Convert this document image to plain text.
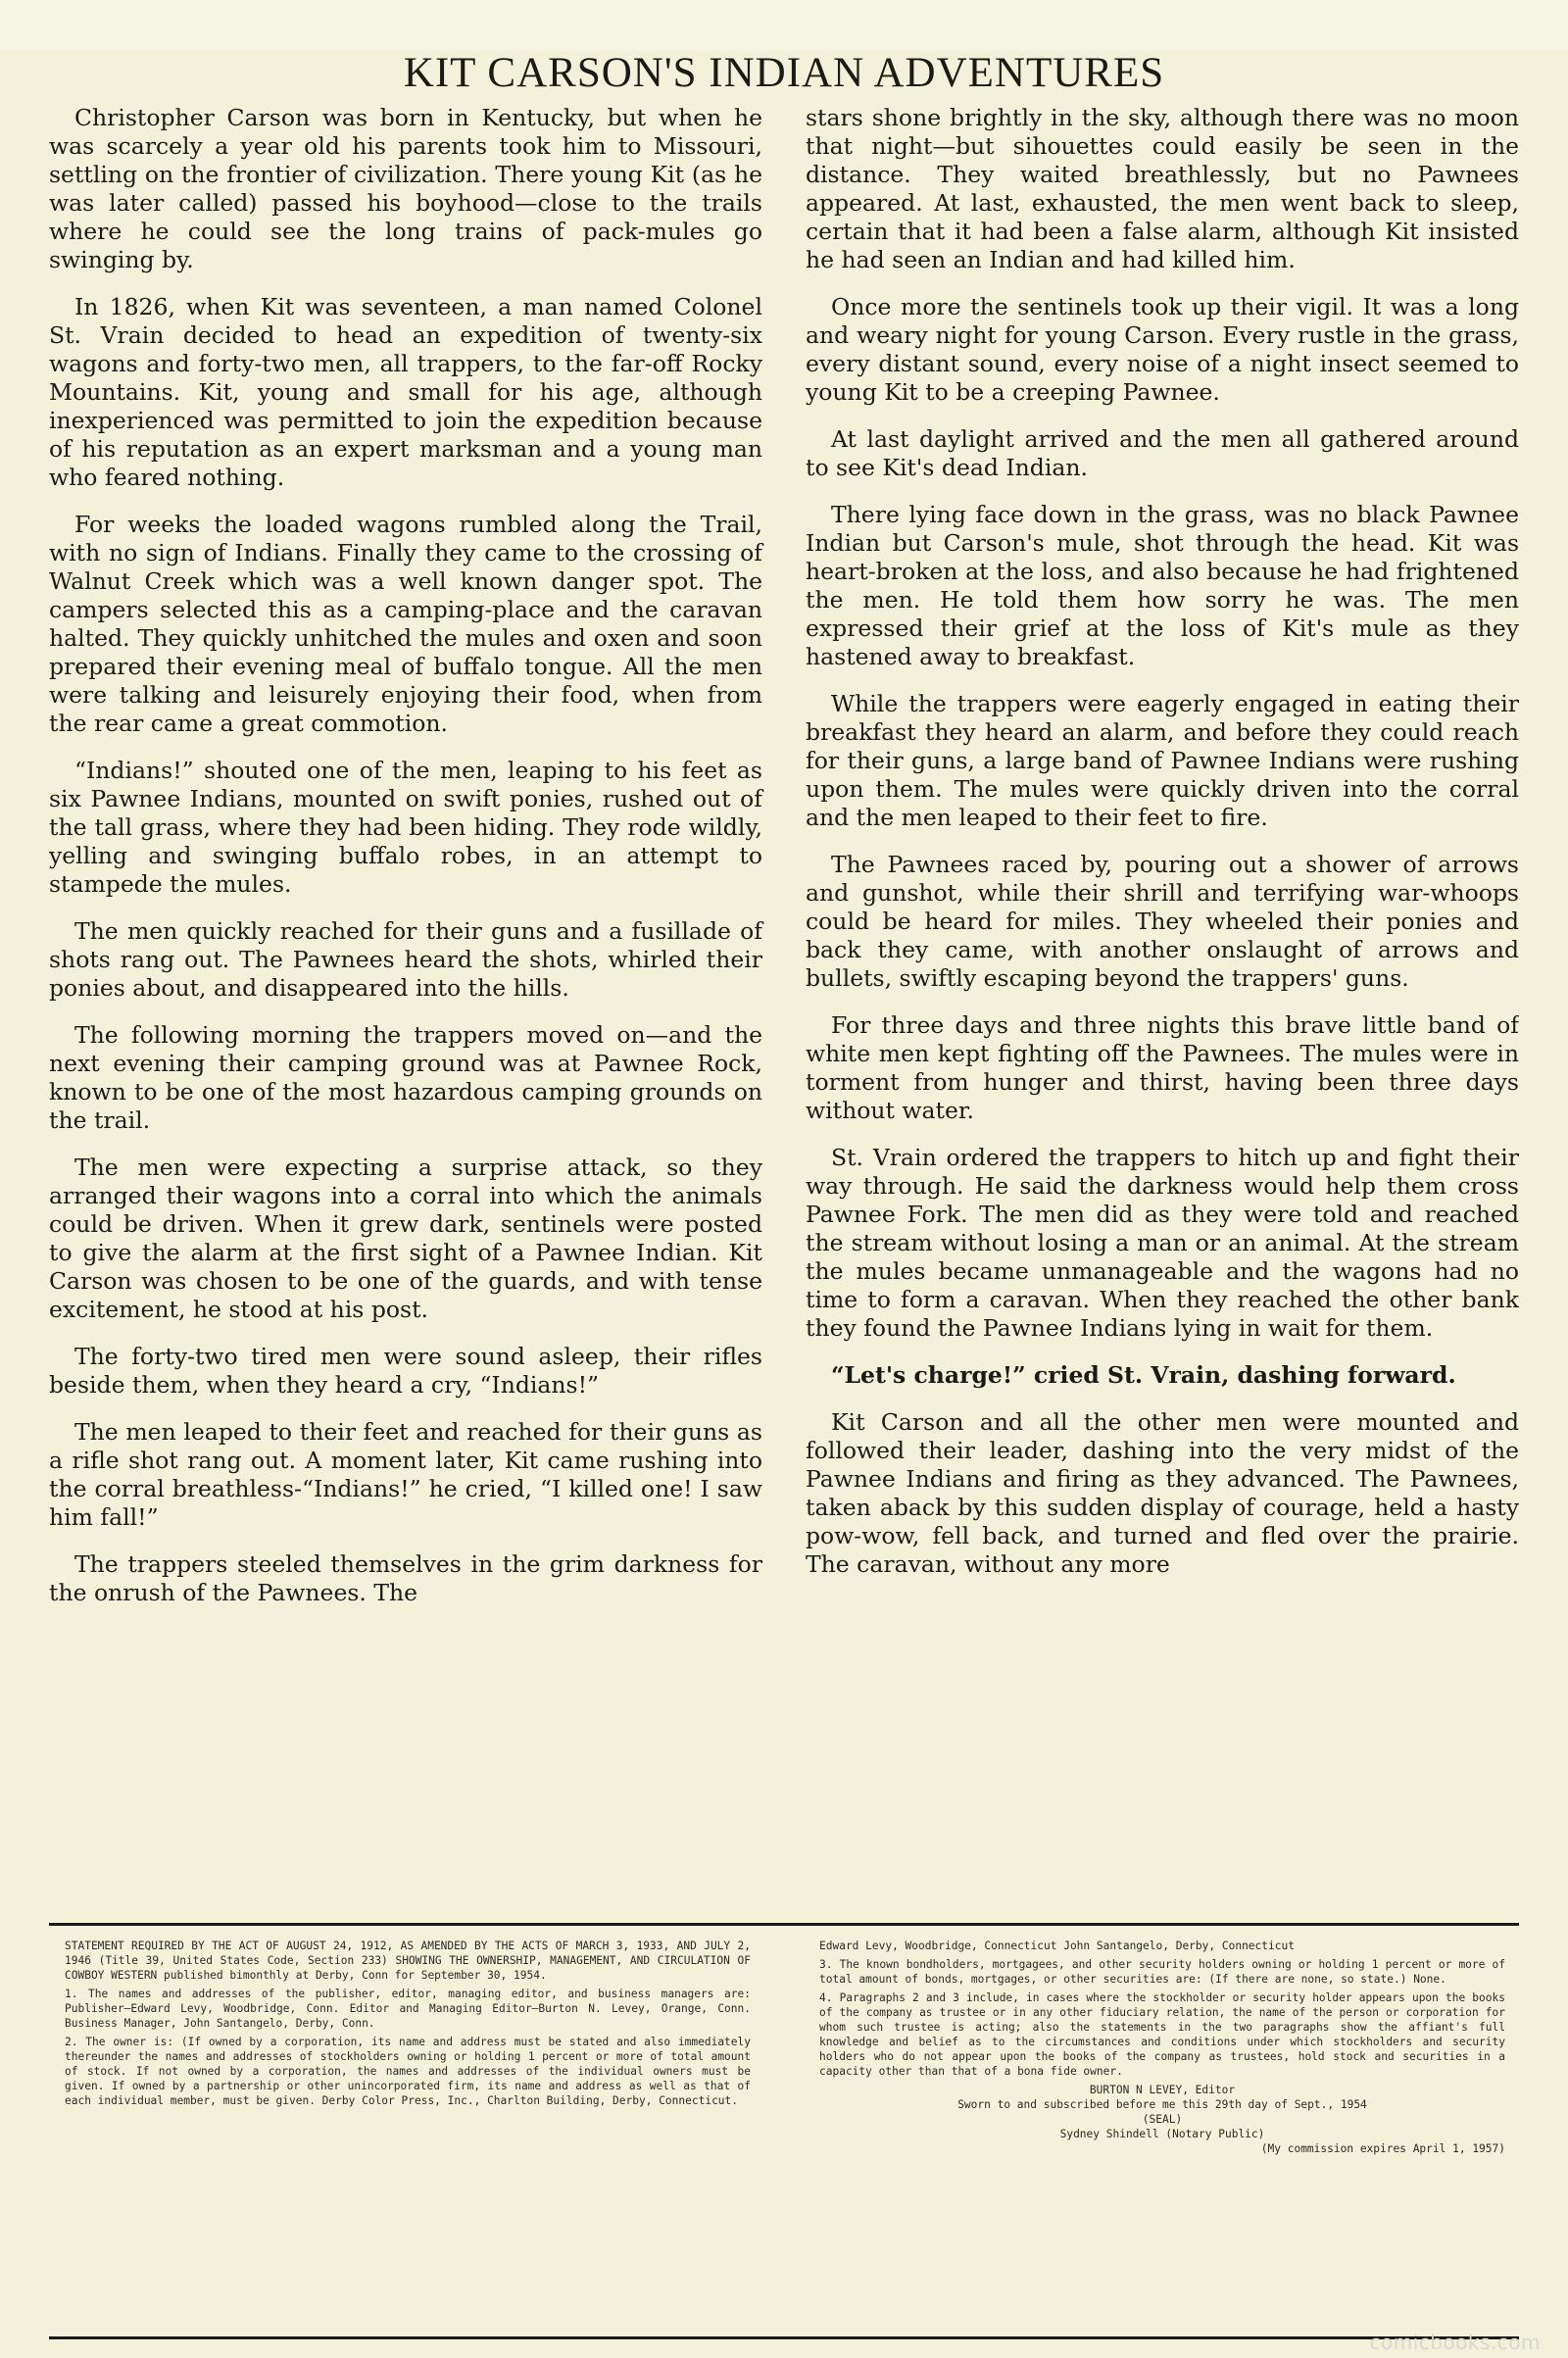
KIT CARSON'S INDIAN ADVENTURES

Christopher Carson was born in Kentucky, but when he was scarcely a year old his parents took him to Missouri, settling on the frontier of civilization. There young Kit (as he was later called) passed his boyhood—close to the trails where he could see the long trains of pack-mules go swinging by.

In 1826, when Kit was seventeen, a man named Colonel St. Vrain decided to head an expedition of twenty-six wagons and forty-two men, all trappers, to the far-off Rocky Mountains. Kit, young and small for his age, although inexperienced was permitted to join the expedition because of his reputation as an expert marksman and a young man who feared nothing.

For weeks the loaded wagons rumbled along the Trail, with no sign of Indians. Finally they came to the crossing of Walnut Creek which was a well known danger spot. The campers selected this as a camping-place and the caravan halted. They quickly unhitched the mules and oxen and soon prepared their evening meal of buffalo tongue. All the men were talking and leisurely enjoying their food, when from the rear came a great commotion.

“Indians!” shouted one of the men, leaping to his feet as six Pawnee Indians, mounted on swift ponies, rushed out of the tall grass, where they had been hiding. They rode wildly, yelling and swinging buffalo robes, in an attempt to stampede the mules.

The men quickly reached for their guns and a fusillade of shots rang out. The Pawnees heard the shots, whirled their ponies about, and disappeared into the hills.

The following morning the trappers moved on—and the next evening their camping ground was at Pawnee Rock, known to be one of the most hazardous camping grounds on the trail.

The men were expecting a surprise attack, so they arranged their wagons into a corral into which the animals could be driven. When it grew dark, sentinels were posted to give the alarm at the first sight of a Pawnee Indian. Kit Carson was chosen to be one of the guards, and with tense excitement, he stood at his post.

The forty-two tired men were sound asleep, their rifles beside them, when they heard a cry, “Indians!”

The men leaped to their feet and reached for their guns as a rifle shot rang out. A moment later, Kit came rushing into the corral breathless-“Indians!” he cried, “I killed one! I saw him fall!”

The trappers steeled themselves in the grim darkness for the onrush of the Pawnees. The

stars shone brightly in the sky, although there was no moon that night—but sihouettes could easily be seen in the distance. They waited breathlessly, but no Pawnees appeared. At last, exhausted, the men went back to sleep, certain that it had been a false alarm, although Kit insisted he had seen an Indian and had killed him.

Once more the sentinels took up their vigil. It was a long and weary night for young Carson. Every rustle in the grass, every distant sound, every noise of a night insect seemed to young Kit to be a creeping Pawnee.

At last daylight arrived and the men all gathered around to see Kit's dead Indian.

There lying face down in the grass, was no black Pawnee Indian but Carson's mule, shot through the head. Kit was heart-broken at the loss, and also because he had frightened the men. He told them how sorry he was. The men expressed their grief at the loss of Kit's mule as they hastened away to breakfast.

While the trappers were eagerly engaged in eating their breakfast they heard an alarm, and before they could reach for their guns, a large band of Pawnee Indians were rushing upon them. The mules were quickly driven into the corral and the men leaped to their feet to fire.

The Pawnees raced by, pouring out a shower of arrows and gunshot, while their shrill and terrifying war-whoops could be heard for miles. They wheeled their ponies and back they came, with another onslaught of arrows and bullets, swiftly escaping beyond the trappers' guns.

For three days and three nights this brave little band of white men kept fighting off the Pawnees. The mules were in torment from hunger and thirst, having been three days without water.

St. Vrain ordered the trappers to hitch up and fight their way through. He said the darkness would help them cross Pawnee Fork. The men did as they were told and reached the stream without losing a man or an animal. At the stream the mules became unmanageable and the wagons had no time to form a caravan. When they reached the other bank they found the Pawnee Indians lying in wait for them.

“Let's charge!” cried St. Vrain, dashing forward.

Kit Carson and all the other men were mounted and followed their leader, dashing into the very midst of the Pawnee Indians and firing as they advanced. The Pawnees, taken aback by this sudden display of courage, held a hasty pow-wow, fell back, and turned and fled over the prairie. The caravan, without any more

STATEMENT REQUIRED BY THE ACT OF AUGUST 24, 1912, AS AMENDED BY THE ACTS OF MARCH 3, 1933, AND JULY 2, 1946 (Title 39, United States Code, Section 233) SHOWING THE OWNERSHIP, MANAGEMENT, AND CIRCULATION OF COWBOY WESTERN published bimonthly at Derby, Conn for September 30, 1954.

1. The names and addresses of the publisher, editor, managing editor, and business managers are: Publisher—Edward Levy, Woodbridge, Conn. Editor and Managing Editor—Burton N. Levey, Orange, Conn. Business Manager, John Santangelo, Derby, Conn.

2. The owner is: (If owned by a corporation, its name and address must be stated and also immediately thereunder the names and addresses of stockholders owning or holding 1 percent or more of total amount of stock. If not owned by a corporation, the names and addresses of the individual owners must be given. If owned by a partnership or other unincorporated firm, its name and address as well as that of each individual member, must be given. Derby Color Press, Inc., Charlton Building, Derby, Connecticut.

Edward Levy, Woodbridge, Connecticut John Santangelo, Derby, Connecticut

3. The known bondholders, mortgagees, and other security holders owning or holding 1 percent or more of total amount of bonds, mortgages, or other securities are: (If there are none, so state.) None.

4. Paragraphs 2 and 3 include, in cases where the stockholder or security holder appears upon the books of the company as trustee or in any other fiduciary relation, the name of the person or corporation for whom such trustee is acting; also the statements in the two paragraphs show the affiant's full knowledge and belief as to the circumstances and conditions under which stockholders and security holders who do not appear upon the books of the company as trustees, hold stock and securities in a capacity other than that of a bona fide owner.

BURTON N LEVEY, Editor

Sworn to and subscribed before me this 29th day of Sept., 1954

(SEAL)

Sydney Shindell (Notary Public)

(My commission expires April 1, 1957)

comicbooks.com
